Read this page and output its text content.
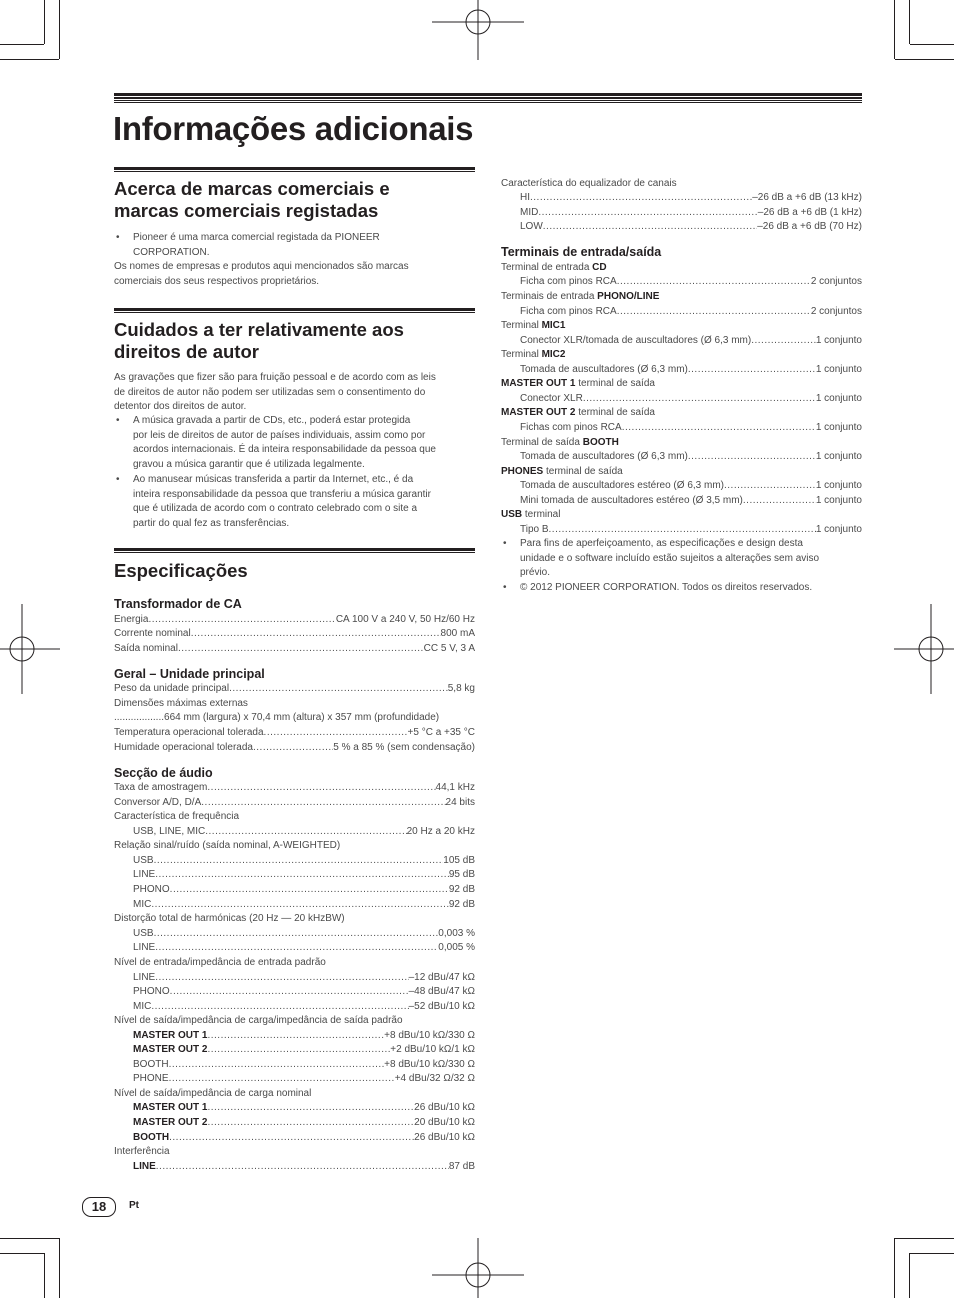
Informações adicionais
Acerca de marcas comerciais e
marcas comerciais registadas
• Pioneer é uma marca comercial registada da PIONEER
CORPORATION.
Os nomes de empresas e produtos aqui mencionados são marcas
comerciais dos seus respectivos proprietários.
Cuidados a ter relativamente aos
direitos de autor
As gravações que fizer são para fruição pessoal e de acordo com as leis
de direitos de autor não podem ser utilizadas sem o consentimento do
detentor dos direitos de autor.
• A música gravada a partir de CDs, etc., poderá estar protegida
por leis de direitos de autor de países individuais, assim como por
acordos internacionais. É da inteira responsabilidade da pessoa que
gravou a música garantir que é utilizada legalmente.
• Ao manusear músicas transferida a partir da Internet, etc., é da
inteira responsabilidade da pessoa que transferiu a música garantir
que é utilizada de acordo com o contrato celebrado com o site a
partir do qual fez as transferências.
Especificações
Transformador de CA
Energia .....	CA 100 V a 240 V, 50 Hz/60 Hz
Corrente nominal .....	800 mA
Saída nominal .....	CC 5 V, 3 A
Geral – Unidade principal
Peso da unidade principal .....	5,8 kg
Dimensões máximas externas
..................664 mm (largura) x 70,4 mm (altura) x 357 mm (profundidade)
Temperatura operacional tolerada .....	+5 °C a +35 °C
Humidade operacional tolerada .....	5 % a 85 % (sem condensação)
Secção de áudio
Taxa de amostragem .....	44,1 kHz
Conversor A/D, D/A .....	24 bits
Característica de frequência
USB, LINE, MIC .....	20 Hz a 20 kHz
Relação sinal/ruído (saída nominal, A-WEIGHTED)
USB .....	105 dB
LINE .....	95 dB
PHONO .....	92 dB
MIC .....	92 dB
Distorção total de harmónicas (20 Hz — 20 kHzBW)
USB .....	0,003 %
LINE .....	0,005 %
Nível de entrada/impedância de entrada padrão
LINE .....	–12 dBu/47 kΩ
PHONO .....	–48 dBu/47 kΩ
MIC .....	–52 dBu/10 kΩ
Nível de saída/impedância de carga/impedância de saída padrão
MASTER OUT 1 .....	+8 dBu/10 kΩ/330 Ω
MASTER OUT 2 .....	+2 dBu/10 kΩ/1 kΩ
BOOTH .....	+8 dBu/10 kΩ/330 Ω
PHONE .....	+4 dBu/32 Ω/32 Ω
Nível de saída/impedância de carga nominal
MASTER OUT 1 .....	26 dBu/10 kΩ
MASTER OUT 2 .....	20 dBu/10 kΩ
BOOTH .....	26 dBu/10 kΩ
Interferência
LINE .....	87 dB
Característica do equalizador de canais
HI .....	–26 dB a +6 dB (13 kHz)
MID .....	–26 dB a +6 dB (1 kHz)
LOW .....	–26 dB a +6 dB (70 Hz)
Terminais de entrada/saída
Terminal de entrada CD
Ficha com pinos RCA .....	2 conjuntos
Terminais de entrada PHONO/LINE
Ficha com pinos RCA .....	2 conjuntos
Terminal MIC1
Conector XLR/tomada de auscultadores (Ø 6,3 mm) .....	1 conjunto
Terminal MIC2
Tomada de auscultadores (Ø 6,3 mm) .....	1 conjunto
MASTER OUT 1 terminal de saída
Conector XLR .....	1 conjunto
MASTER OUT 2 terminal de saída
Fichas com pinos RCA .....	1 conjunto
Terminal de saída BOOTH
Tomada de auscultadores (Ø 6,3 mm) .....	1 conjunto
PHONES terminal de saída
Tomada de auscultadores estéreo (Ø 6,3 mm) .....	1 conjunto
Mini tomada de auscultadores estéreo (Ø 3,5 mm) .....	1 conjunto
USB terminal
Tipo B .....	1 conjunto
• Para fins de aperfeiçoamento, as especificações e design desta
unidade e o software incluído estão sujeitos a alterações sem aviso
prévio.
• © 2012 PIONEER CORPORATION. Todos os direitos reservados.
18	Pt
